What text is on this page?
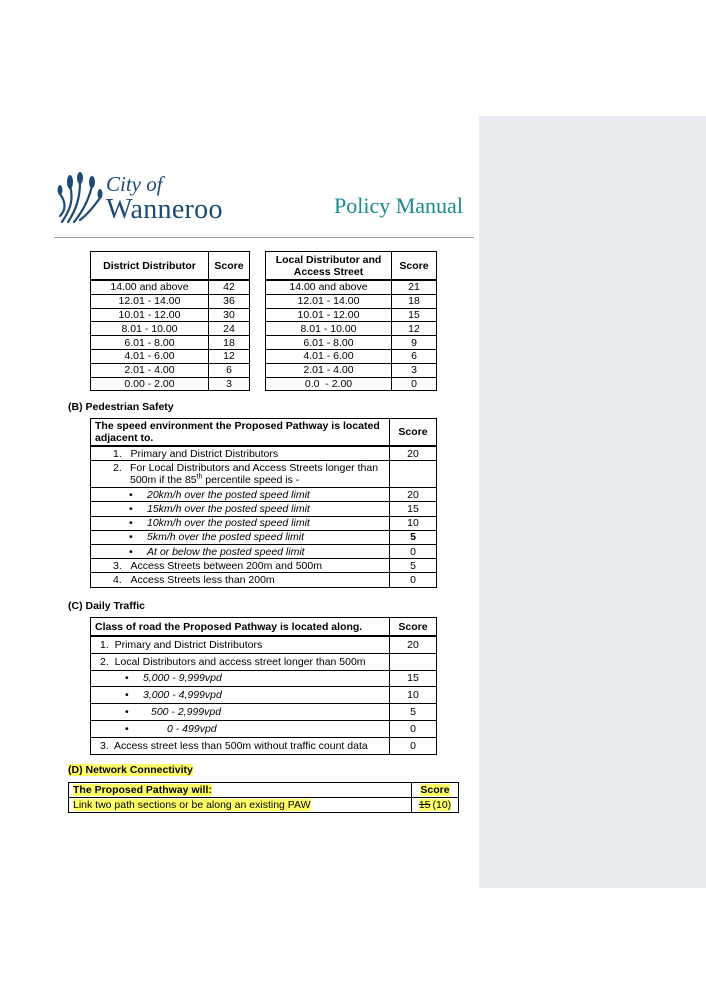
City of
Wanneroo	Policy Manual
District Distributor	Score
14.00 and above	42
12.01 - 14.00	36
10.01 - 12.00	30
8.01 - 10.00	24
6.01 - 8.00	18
4.01 - 6.00	12
2.01 - 4.00	6
0.00 - 2.00	3
Local Distributor and Access Street	Score
14.00 and above	21
12.01 - 14.00	18
10.01 - 12.00	15
8.01 - 10.00	12
6.01 - 8.00	9
4.01 - 6.00	6
2.01 - 4.00	3
0.0  - 2.00	0
(B) Pedestrian Safety
The speed environment the Proposed Pathway is located adjacent to.	Score
1. Primary and District Distributors	20

2. For Local Distributors and Access Streets longer than 500m if the 85th percentile speed is -	

• 20km/h over the posted speed limit	20
• 15km/h over the posted speed limit	15
• 10km/h over the posted speed limit	10
• 5km/h over the posted speed limit	5
• At or below the posted speed limit	0
3. Access Streets between 200m and 500m	5
4. Access Streets less than 200m	0
(C) Daily Traffic
Class of road the Proposed Pathway is located along.	Score
1.  Primary and District Distributors	20
2.  Local Distributors and access street longer than 500m	
• 5,000 - 9,999vpd	15
• 3,000 - 4,999vpd	10
• 500 - 2,999vpd	5
• 0 - 499vpd	0
3.  Access street less than 500m without traffic count data	0
(D) Network Connectivity
The Proposed Pathway will:	Score
Link two path sections or be along an existing PAW	15 (10)
